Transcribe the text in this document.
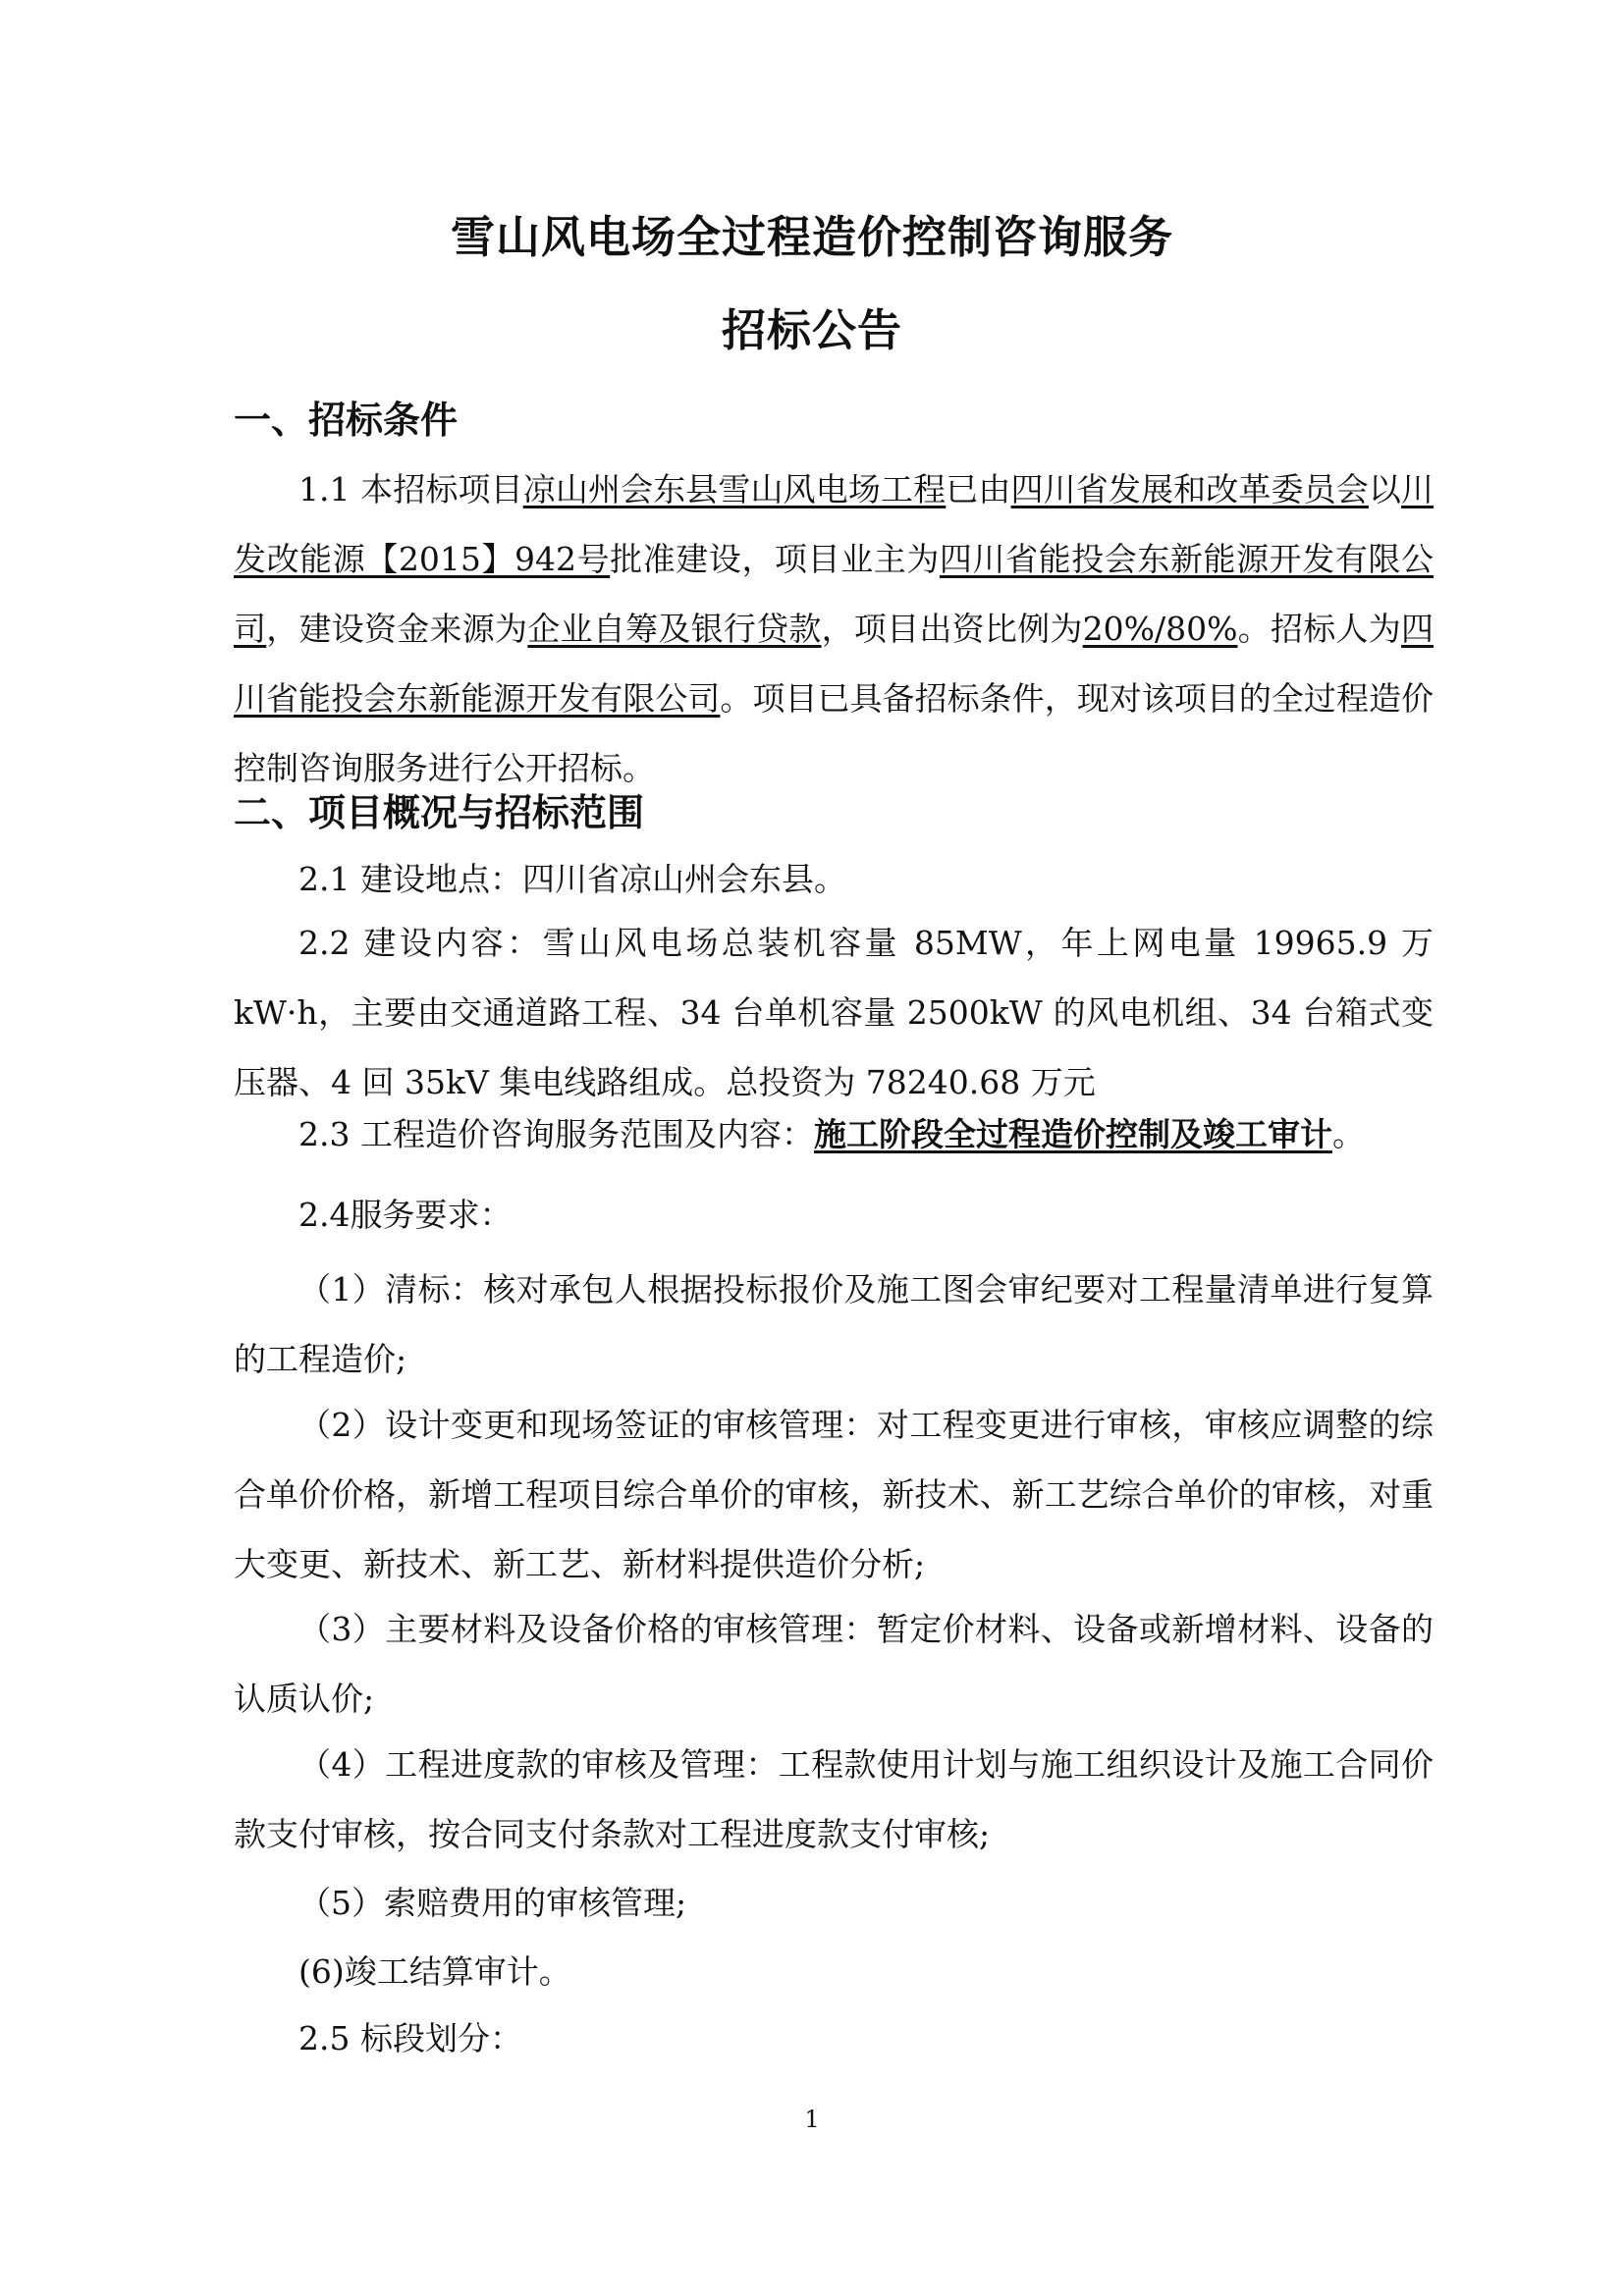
雪山风电场全过程造价控制咨询服务
招标公告
一、招标条件
1.1 本招标项目凉山州会东县雪山风电场工程已由四川省发展和改革委员会以川发改能源【2015】942号批准建设，项目业主为四川省能投会东新能源开发有限公司，建设资金来源为企业自筹及银行贷款，项目出资比例为20%/80%。招标人为四川省能投会东新能源开发有限公司。项目已具备招标条件，现对该项目的全过程造价控制咨询服务进行公开招标。
二、项目概况与招标范围
2.1 建设地点：四川省凉山州会东县。
2.2 建设内容：雪山风电场总装机容量 85MW，年上网电量 19965.9 万 kW·h，主要由交通道路工程、34 台单机容量 2500kW 的风电机组、34 台箱式变压器、4 回 35kV 集电线路组成。总投资为 78240.68 万元
2.3 工程造价咨询服务范围及内容：施工阶段全过程造价控制及竣工审计。
2.4服务要求：
（1）清标：核对承包人根据投标报价及施工图会审纪要对工程量清单进行复算的工程造价;
（2）设计变更和现场签证的审核管理：对工程变更进行审核，审核应调整的综合单价价格，新增工程项目综合单价的审核，新技术、新工艺综合单价的审核，对重大变更、新技术、新工艺、新材料提供造价分析;
（3）主要材料及设备价格的审核管理：暂定价材料、设备或新增材料、设备的认质认价;
（4）工程进度款的审核及管理：工程款使用计划与施工组织设计及施工合同价款支付审核，按合同支付条款对工程进度款支付审核;
（5）索赔费用的审核管理;
(6)竣工结算审计。
2.5 标段划分：
1
